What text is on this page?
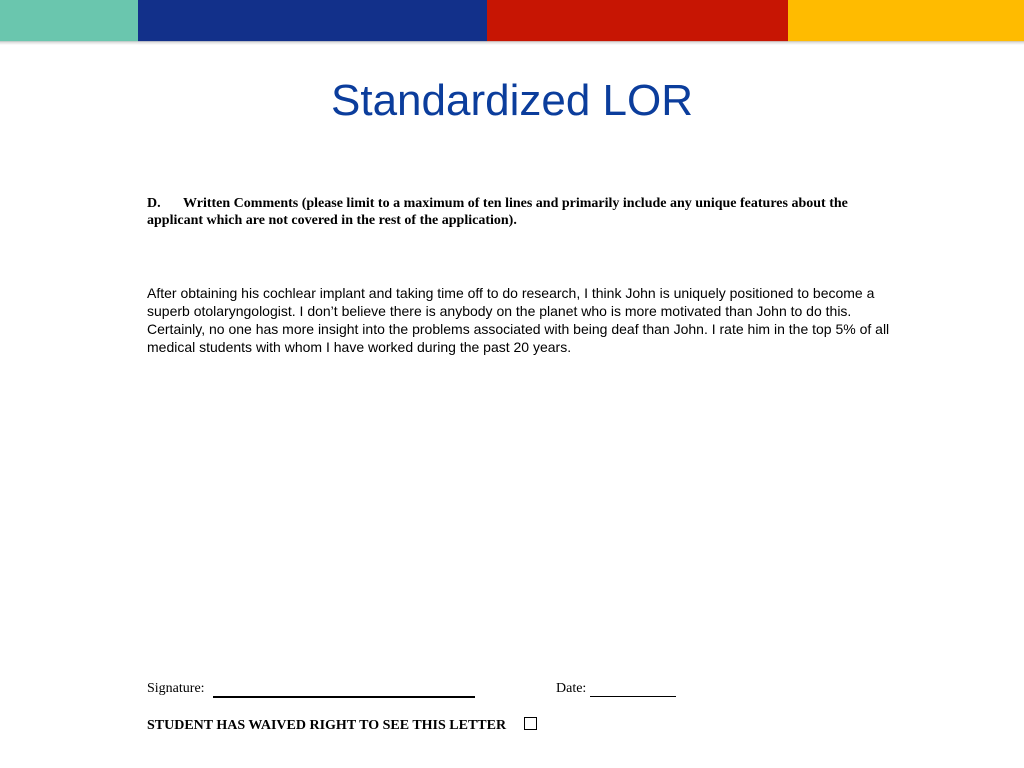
Standardized LOR
D. Written Comments (please limit to a maximum of ten lines and primarily include any unique features about the applicant which are not covered in the rest of the application).
After obtaining his cochlear implant and taking time off to do research, I think John is uniquely positioned to become a superb otolaryngologist. I don’t believe there is anybody on the planet who is more motivated than John to do this. Certainly, no one has more insight into the problems associated with being deaf than John. I rate him in the top 5% of all medical students with whom I have worked during the past 20 years.
Signature:	Date:
STUDENT HAS WAIVED RIGHT TO SEE THIS LETTER
